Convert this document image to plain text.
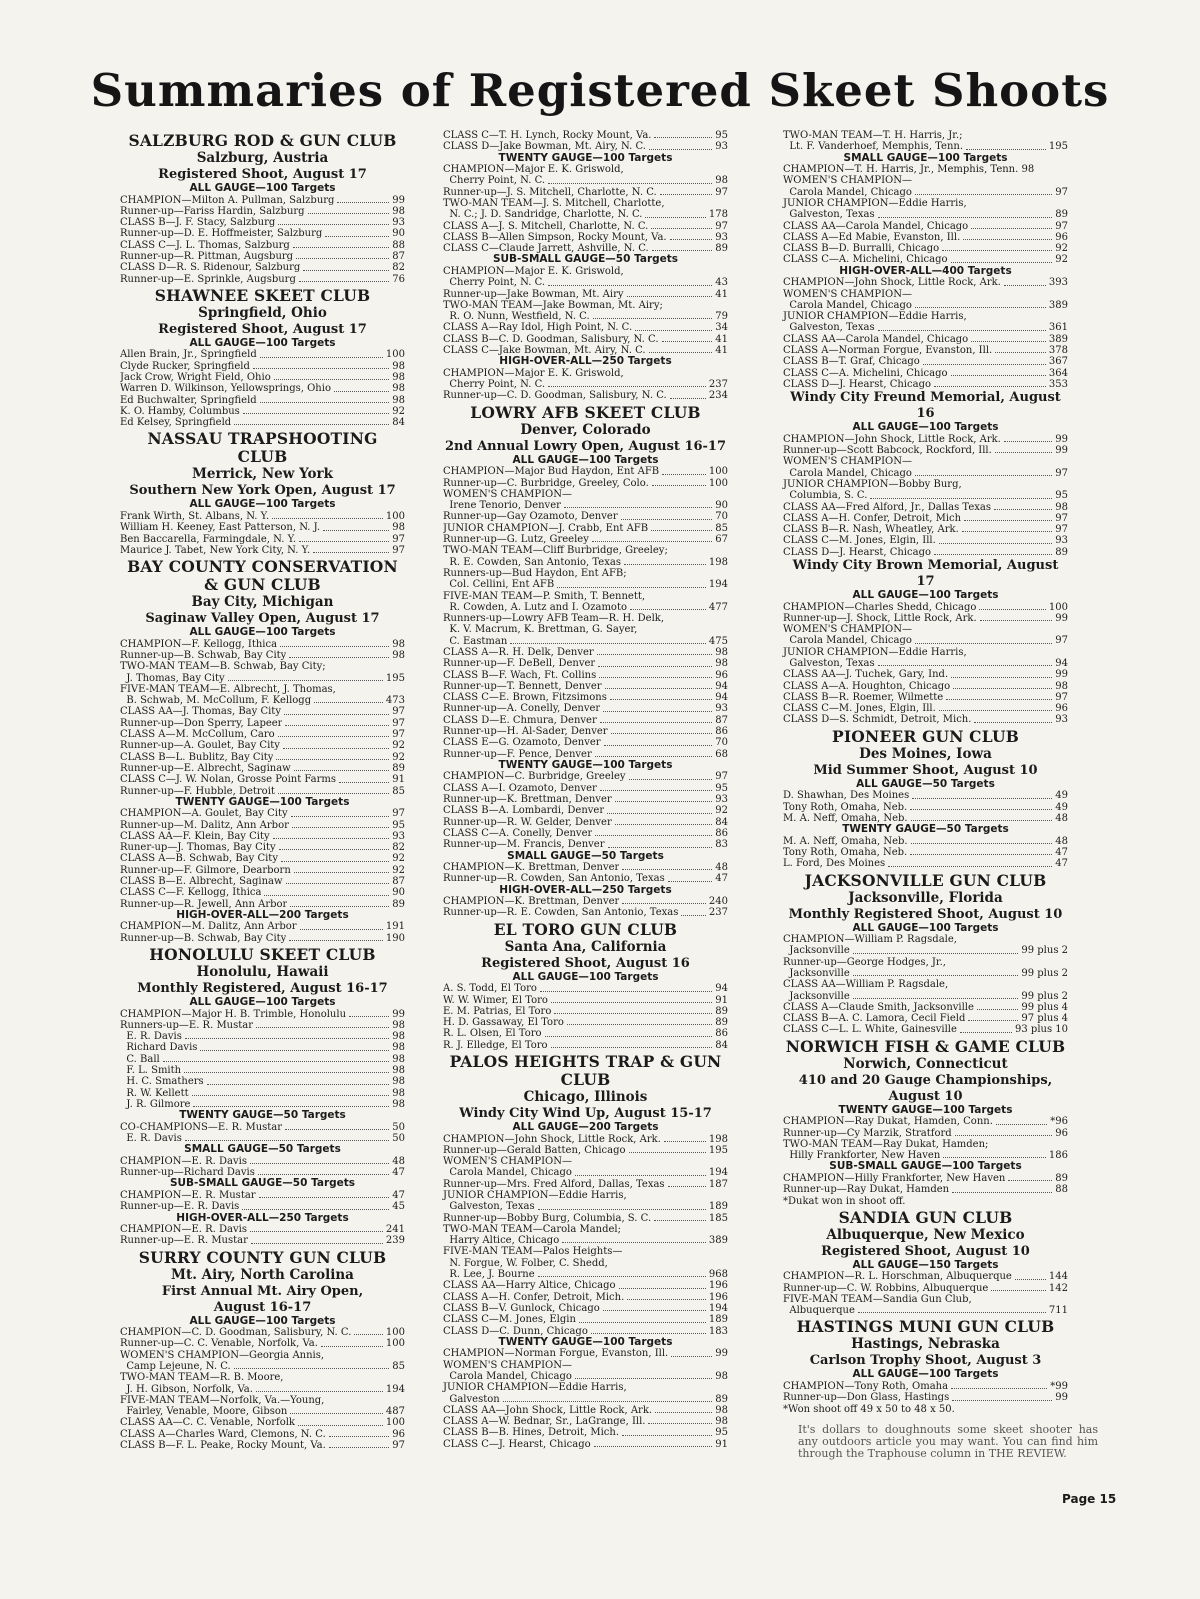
Summaries of Registered Skeet Shoots
SALZBURG ROD & GUN CLUB
Salzburg, Austria
Registered Shoot, August 17
ALL GAUGE—100 Targets
CHAMPION—Milton A. Pullman, Salzburg	99
Runner-up—Fariss Hardin, Salzburg	98
CLASS B—J. F. Stacy, Salzburg	93
Runner-up—D. E. Hoffmeister, Salzburg	90
CLASS C—J. L. Thomas, Salzburg	88
Runner-up—R. Pittman, Augsburg	87
CLASS D—R. S. Ridenour, Salzburg	82
Runner-up—E. Sprinkle, Augsburg	76
SHAWNEE SKEET CLUB
Springfield, Ohio
Registered Shoot, August 17
ALL GAUGE—100 Targets
Allen Brain, Jr., Springfield	100
Clyde Rucker, Springfield	98
Jack Crow, Wright Field, Ohio	98
Warren D. Wilkinson, Yellowsprings, Ohio	98
Ed Buchwalter, Springfield	98
K. O. Hamby, Columbus	92
Ed Kelsey, Springfield	84
NASSAU TRAPSHOOTING CLUB
Merrick, New York
Southern New York Open, August 17
ALL GAUGE—100 Targets
Frank Wirth, St. Albans, N. Y.	100
William H. Keeney, East Patterson, N. J.	98
Ben Baccarella, Farmingdale, N. Y.	97
Maurice J. Tabet, New York City, N. Y.	97
BAY COUNTY CONSERVATION & GUN CLUB
Bay City, Michigan
Saginaw Valley Open, August 17
ALL GAUGE—100 Targets
CHAMPION—F. Kellogg, Ithica	98
Runner-up—B. Schwab, Bay City	98
TWO-MAN TEAM—B. Schwab, Bay City;
J. Thomas, Bay City	195
FIVE-MAN TEAM—E. Albrecht, J. Thomas,
B. Schwab, M. McCollum, F. Kellogg	473
CLASS AA—J. Thomas, Bay City	97
Runner-up—Don Sperry, Lapeer	97
CLASS A—M. McCollum, Caro	97
Runner-up—A. Goulet, Bay City	92
CLASS B—L. Bublitz, Bay City	92
Runner-up—E. Albrecht, Saginaw	89
CLASS C—J. W. Nolan, Grosse Point Farms	91
Runner-up—F. Hubble, Detroit	85
TWENTY GAUGE—100 Targets
CHAMPION—A. Goulet, Bay City	97
Runner-up—M. Dalitz, Ann Arbor	95
CLASS AA—F. Klein, Bay City	93
Runer-up—J. Thomas, Bay City	82
CLASS A—B. Schwab, Bay City	92
Runner-up—F. Gilmore, Dearborn	92
CLASS B—E. Albrecht, Saginaw	87
CLASS C—F. Kellogg, Ithica	90
Runner-up—R. Jewell, Ann Arbor	89
HIGH-OVER-ALL—200 Targets
CHAMPION—M. Dalitz, Ann Arbor	191
Runner-up—B. Schwab, Bay City	190
HONOLULU SKEET CLUB
Honolulu, Hawaii
Monthly Registered, August 16-17
ALL GAUGE—100 Targets
CHAMPION—Major H. B. Trimble, Honolulu	99
Runners-up—E. R. Mustar	98
E. R. Davis	98
Richard Davis	98
C. Ball	98
F. L. Smith	98
H. C. Smathers	98
R. W. Kellett	98
J. R. Gilmore	98
TWENTY GAUGE—50 Targets
CO-CHAMPIONS—E. R. Mustar	50
E. R. Davis	50
SMALL GAUGE—50 Targets
CHAMPION—E. R. Davis	48
Runner-up—Richard Davis	47
SUB-SMALL GAUGE—50 Targets
CHAMPION—E. R. Mustar	47
Runner-up—E. R. Davis	45
HIGH-OVER-ALL—250 Targets
CHAMPION—E. R. Davis	241
Runner-up—E. R. Mustar	239
SURRY COUNTY GUN CLUB
Mt. Airy, North Carolina
First Annual Mt. Airy Open,
August 16-17
ALL GAUGE—100 Targets
CHAMPION—C. D. Goodman, Salisbury, N. C.	100
Runner-up—C. C. Venable, Norfolk, Va.	100
WOMEN'S CHAMPION—Georgia Annis,
Camp Lejeune, N. C.	85
TWO-MAN TEAM—R. B. Moore,
J. H. Gibson, Norfolk, Va.	194
FIVE-MAN TEAM—Norfolk, Va.—Young,
Fairley, Venable, Moore, Gibson	487
CLASS AA—C. C. Venable, Norfolk	100
CLASS A—Charles Ward, Clemons, N. C.	96
CLASS B—F. L. Peake, Rocky Mount, Va.	97
CLASS C—T. H. Lynch, Rocky Mount, Va.	95
CLASS D—Jake Bowman, Mt. Airy, N. C.	93
TWENTY GAUGE—100 Targets
CHAMPION—Major E. K. Griswold,
Cherry Point, N. C.	98
Runner-up—J. S. Mitchell, Charlotte, N. C.	97
TWO-MAN TEAM—J. S. Mitchell, Charlotte,
N. C.; J. D. Sandridge, Charlotte, N. C.	178
CLASS A—J. S. Mitchell, Charlotte, N. C.	97
CLASS B—Allen Simpson, Rocky Mount, Va.	93
CLASS C—Claude Jarrett, Ashville, N. C.	89
SUB-SMALL GAUGE—50 Targets
CHAMPION—Major E. K. Griswold,
Cherry Point, N. C.	43
Runner-up—Jake Bowman, Mt. Airy	41
TWO-MAN TEAM—Jake Bowman, Mt. Airy;
R. O. Nunn, Westfield, N. C.	79
CLASS A—Ray Idol, High Point, N. C.	34
CLASS B—C. D. Goodman, Salisbury, N. C.	41
CLASS C—Jake Bowman, Mt. Airy, N. C.	41
HIGH-OVER-ALL—250 Targets
CHAMPION—Major E. K. Griswold,
Cherry Point, N. C.	237
Runner-up—C. D. Goodman, Salisbury, N. C.	234
LOWRY AFB SKEET CLUB
Denver, Colorado
2nd Annual Lowry Open, August 16-17
ALL GAUGE—100 Targets
CHAMPION—Major Bud Haydon, Ent AFB	100
Runner-up—C. Burbridge, Greeley, Colo.	100
WOMEN'S CHAMPION—
Irene Tenorio, Denver	90
Runner-up—Gay Ozamoto, Denver	70
JUNIOR CHAMPION—J. Crabb, Ent AFB	85
Runner-up—G. Lutz, Greeley	67
TWO-MAN TEAM—Cliff Burbridge, Greeley;
R. E. Cowden, San Antonio, Texas	198
Runners-up—Bud Haydon, Ent AFB;
Col. Cellini, Ent AFB	194
FIVE-MAN TEAM—P. Smith, T. Bennett,
R. Cowden, A. Lutz and I. Ozamoto	477
Runners-up—Lowry AFB Team—R. H. Delk,
K. V. Macrum, K. Brettman, G. Sayer,
C. Eastman	475
CLASS A—R. H. Delk, Denver	98
Runner-up—F. DeBell, Denver	98
CLASS B—F. Wach, Ft. Collins	96
Runner-up—T. Bennett, Denver	94
CLASS C—E. Brown, Fitzsimons	94
Runner-up—A. Conelly, Denver	93
CLASS D—E. Chmura, Denver	87
Runner-up—H. Al-Sader, Denver	86
CLASS E—G. Ozamoto, Denver	70
Runner-up—F. Pence, Denver	68
TWENTY GAUGE—100 Targets
CHAMPION—C. Burbridge, Greeley	97
CLASS A—I. Ozamoto, Denver	95
Runner-up—K. Brettman, Denver	93
CLASS B—A. Lombardi, Denver	92
Runner-up—R. W. Gelder, Denver	84
CLASS C—A. Conelly, Denver	86
Runner-up—M. Francis, Denver	83
SMALL GAUGE—50 Targets
CHAMPION—K. Brettman, Denver	48
Runner-up—R. Cowden, San Antonio, Texas	47
HIGH-OVER-ALL—250 Targets
CHAMPION—K. Brettman, Denver	240
Runner-up—R. E. Cowden, San Antonio, Texas	237
EL TORO GUN CLUB
Santa Ana, California
Registered Shoot, August 16
ALL GAUGE—100 Targets
A. S. Todd, El Toro	94
W. W. Wimer, El Toro	91
E. M. Patrias, El Toro	89
H. D. Gassaway, El Toro	89
R. L. Olsen, El Toro	86
R. J. Elledge, El Toro	84
PALOS HEIGHTS TRAP & GUN CLUB
Chicago, Illinois
Windy City Wind Up, August 15-17
ALL GAUGE—200 Targets
CHAMPION—John Shock, Little Rock, Ark.	198
Runner-up—Gerald Batten, Chicago	195
WOMEN'S CHAMPION—
Carola Mandel, Chicago	194
Runner-up—Mrs. Fred Alford, Dallas, Texas	187
JUNIOR CHAMPION—Eddie Harris,
Galveston, Texas	189
Runner-up—Bobby Burg, Columbia, S. C.	185
TWO-MAN TEAM—Carola Mandel;
Harry Altice, Chicago	389
FIVE-MAN TEAM—Palos Heights—
N. Forgue, W. Folber, C. Shedd,
R. Lee, J. Bourne	968
CLASS AA—Harry Altice, Chicago	196
CLASS A—H. Confer, Detroit, Mich.	196
CLASS B—V. Gunlock, Chicago	194
CLASS C—M. Jones, Elgin	189
CLASS D—C. Dunn, Chicago	183
TWENTY GAUGE—100 Targets
CHAMPION—Norman Forgue, Evanston, Ill.	99
WOMEN'S CHAMPION—
Carola Mandel, Chicago	98
JUNIOR CHAMPION—Eddie Harris,
Galveston	89
CLASS AA—John Shock, Little Rock, Ark.	98
CLASS A—W. Bednar, Sr., LaGrange, Ill.	98
CLASS B—B. Hines, Detroit, Mich.	95
CLASS C—J. Hearst, Chicago	91
TWO-MAN TEAM—T. H. Harris, Jr.;
Lt. F. Vanderhoef, Memphis, Tenn.	195
SMALL GAUGE—100 Targets
CHAMPION—T. H. Harris, Jr., Memphis, Tenn. 98
WOMEN'S CHAMPION—
Carola Mandel, Chicago	97
JUNIOR CHAMPION—Eddie Harris,
Galveston, Texas	89
CLASS AA—Carola Mandel, Chicago	97
CLASS A—Ed Mabie, Evanston, Ill.	96
CLASS B—D. Burralli, Chicago	92
CLASS C—A. Michelini, Chicago	92
HIGH-OVER-ALL—400 Targets
CHAMPION—John Shock, Little Rock, Ark.	393
WOMEN'S CHAMPION—
Carola Mandel, Chicago	389
JUNIOR CHAMPION—Eddie Harris,
Galveston, Texas	361
CLASS AA—Carola Mandel, Chicago	389
CLASS A—Norman Forgue, Evanston, Ill.	378
CLASS B—T. Graf, Chicago	367
CLASS C—A. Michelini, Chicago	364
CLASS D—J. Hearst, Chicago	353
Windy City Freund Memorial, August 16
ALL GAUGE—100 Targets
CHAMPION—John Shock, Little Rock, Ark.	99
Runner-up—Scott Babcock, Rockford, Ill.	99
WOMEN'S CHAMPION—
Carola Mandel, Chicago	97
JUNIOR CHAMPION—Bobby Burg,
Columbia, S. C.	95
CLASS AA—Fred Alford, Jr., Dallas Texas	98
CLASS A—H. Confer, Detroit, Mich	97
CLASS B—R. Nash, Wheatley, Ark.	97
CLASS C—M. Jones, Elgin, Ill.	93
CLASS D—J. Hearst, Chicago	89
Windy City Brown Memorial, August 17
ALL GAUGE—100 Targets
CHAMPION—Charles Shedd, Chicago	100
Runner-up—J. Shock, Little Rock, Ark.	99
WOMEN'S CHAMPION—
Carola Mandel, Chicago	97
JUNIOR CHAMPION—Eddie Harris,
Galveston, Texas	94
CLASS AA—J. Tuchek, Gary, Ind.	99
CLASS A—A. Houghton, Chicago	98
CLASS B—R. Roemer, Wilmette	97
CLASS C—M. Jones, Elgin, Ill.	96
CLASS D—S. Schmidt, Detroit, Mich.	93
PIONEER GUN CLUB
Des Moines, Iowa
Mid Summer Shoot, August 10
ALL GAUGE—50 Targets
D. Shawhan, Des Moines	49
Tony Roth, Omaha, Neb.	49
M. A. Neff, Omaha, Neb.	48
TWENTY GAUGE—50 Targets
M. A. Neff, Omaha, Neb.	48
Tony Roth, Omaha, Neb.	47
L. Ford, Des Moines	47
JACKSONVILLE GUN CLUB
Jacksonville, Florida
Monthly Registered Shoot, August 10
ALL GAUGE—100 Targets
CHAMPION—William P. Ragsdale,
Jacksonville	99 plus 2
Runner-up—George Hodges, Jr.,
Jacksonville	99 plus 2
CLASS AA—William P. Ragsdale,
Jacksonville	99 plus 2
CLASS A—Claude Smith, Jacksonville	99 plus 4
CLASS B—A. C. Lamora, Cecil Field	97 plus 4
CLASS C—L. L. White, Gainesville	93 plus 10
NORWICH FISH & GAME CLUB
Norwich, Connecticut
410 and 20 Gauge Championships,
August 10
TWENTY GAUGE—100 Targets
CHAMPION—Ray Dukat, Hamden, Conn.	*96
Runner-up—Cy Marzik, Stratford	96
TWO-MAN TEAM—Ray Dukat, Hamden;
Hilly Frankforter, New Haven	186
SUB-SMALL GAUGE—100 Targets
CHAMPION—Hilly Frankforter, New Haven	89
Runner-up—Ray Dukat, Hamden	88
*Dukat won in shoot off.
SANDIA GUN CLUB
Albuquerque, New Mexico
Registered Shoot, August 10
ALL GAUGE—150 Targets
CHAMPION—R. L. Horschman, Albuquerque	144
Runner-up—C. W. Robbins, Albuquerque	142
FIVE-MAN TEAM—Sandia Gun Club,
Albuquerque	711
HASTINGS MUNI GUN CLUB
Hastings, Nebraska
Carlson Trophy Shoot, August 3
ALL GAUGE—100 Targets
CHAMPION—Tony Roth, Omaha	*99
Runner-up—Don Glass, Hastings	99
*Won shoot off 49 x 50 to 48 x 50.
It's dollars to doughnouts some skeet shooter has any outdoors article you may want. You can find him through the Traphouse column in THE REVIEW.
Page 15
